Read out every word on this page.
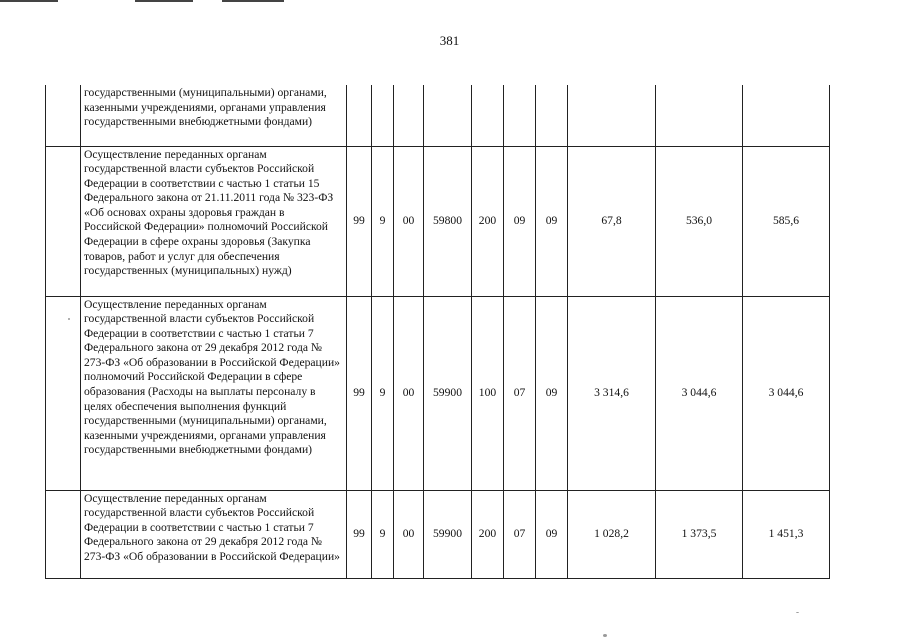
381
	государственными (муниципальными) органами, казенными учреждениями, органами управления государственными внебюджетными фондами)										
	Осуществление переданных органам государственной власти субъектов Российской Федерации в соответствии с частью 1 статьи 15 Федерального закона от 21.11.2011 года № 323-ФЗ «Об основах охраны здоровья граждан в Российской Федерации» полномочий Российской Федерации в сфере охраны здоровья (Закупка товаров, работ и услуг для обеспечения государственных (муниципальных) нужд)	99	9	00	59800	200	09	09	67,8	536,0	585,6
	Осуществление переданных органам государственной власти субъектов Российской Федерации в соответствии с частью 1 статьи 7 Федерального закона от 29 декабря 2012 года № 273-ФЗ «Об образовании в Российской Федерации» полномочий Российской Федерации в сфере образования (Расходы на выплаты персоналу в целях обеспечения выполнения функций государственными (муниципальными) органами, казенными учреждениями, органами управления государственными внебюджетными фондами)	99	9	00	59900	100	07	09	3 314,6	3 044,6	3 044,6
	Осуществление переданных органам государственной власти субъектов Российской Федерации в соответствии с частью 1 статьи 7 Федерального закона от 29 декабря 2012 года № 273-ФЗ «Об образовании в Российской Федерации»	99	9	00	59900	200	07	09	1 028,2	1 373,5	1 451,3
